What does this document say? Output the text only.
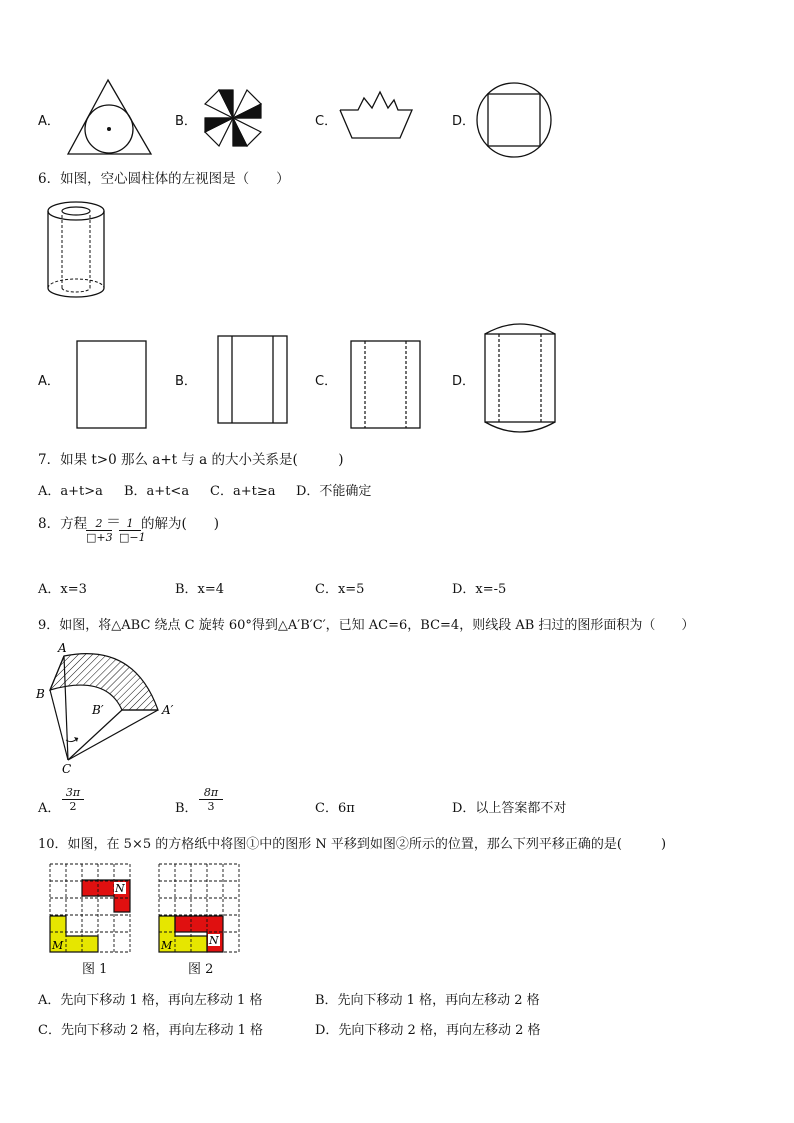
A．	B．	C．	D．
6．如图，空心圆柱体的左视图是（　　）
A．	B．	C．	D．
7．如果 t>0 那么 a+t 与 a 的大小关系是(　　　)
A．a+t>a B．a+t<a C．a+t≥a D．不能确定
8．方程 2
□+3
＝ 1
□−1
的解为(　　)
A．x=3	B．x=4	C．x=5	D．x=-5
9．如图，将△ABC 绕点 C 旋转 60°得到△A′B′C′，已知 AC=6，BC=4，则线段 AB 扫过的图形面积为（　　）
A
B
C
A′
B′
A．
3π
2	B．
8π
3	C．6π	D．以上答案都不对
10．如图，在 5×5 的方格纸中将图①中的图形 N 平移到如图②所示的位置，那么下列平移正确的是(　　　)
N
M
图 1
N
M
图 2
A．先向下移动 1 格，再向左移动 1 格	B．先向下移动 1 格，再向左移动 2 格
C．先向下移动 2 格，再向左移动 1 格	D．先向下移动 2 格，再向左移动 2 格
